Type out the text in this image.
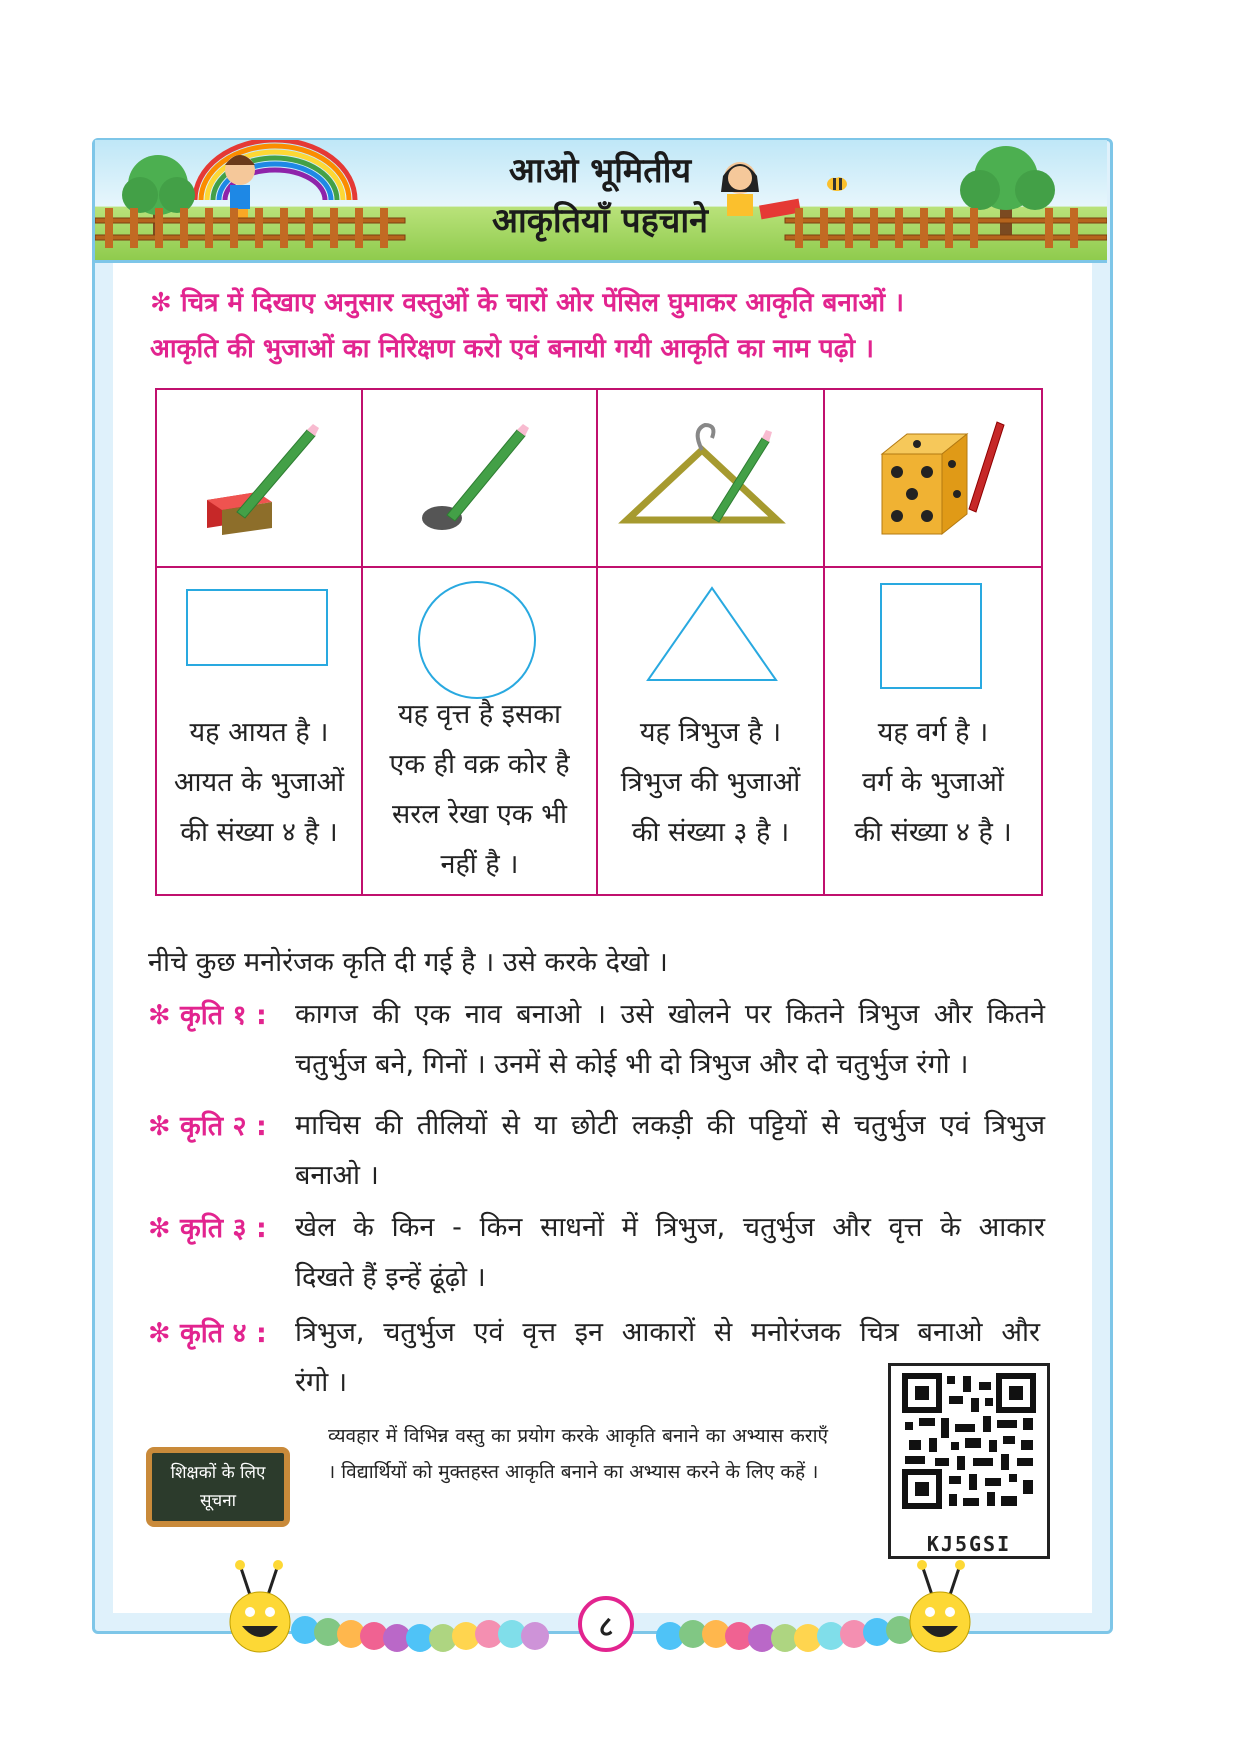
आओ भूमितीय
आकृतियाँ पहचाने
✻ चित्र में दिखाए अनुसार वस्तुओं के चारों ओर पेंसिल घुमाकर आकृति बनाओं ।
आकृति की भुजाओं का निरिक्षण करो एवं बनायी गयी आकृति का नाम पढ़ो ।
यह आयत है ।
आयत के भुजाओं
की संख्या ४ है ।
यह वृत्त है इसका
एक ही वक्र कोर है
सरल रेखा एक भी
नहीं है ।
यह त्रिभुज है ।
त्रिभुज की भुजाओं
की संख्या ३ है ।
यह वर्ग है ।
वर्ग के भुजाओं
की संख्या ४ है ।
नीचे कुछ मनोरंजक कृति दी गई है । उसे करके देखो ।
✻ कृति १ : कागज की एक नाव बनाओ । उसे खोलने पर कितने त्रिभुज और कितने
चतुर्भुज बने, गिनों । उनमें से कोई भी दो त्रिभुज और दो चतुर्भुज रंगो ।
✻ कृति २ : माचिस की तीलियों से या छोटी लकड़ी की पट्टियों से चतुर्भुज एवं त्रिभुज
बनाओ ।
✻ कृति ३ : खेल के किन - किन साधनों में त्रिभुज, चतुर्भुज और वृत्त के आकार
दिखते हैं इन्हें ढूंढ़ो ।
✻ कृति ४ : त्रिभुज, चतुर्भुज एवं वृत्त इन आकारों से मनोरंजक चित्र बनाओ और
रंगो ।
शिक्षकों के लिए सूचना
व्यवहार में विभिन्न वस्तु का प्रयोग करके आकृति बनाने का अभ्यास कराएँ । विद्यार्थियों को मुक्तहस्त आकृति बनाने का अभ्यास करने के लिए कहें ।
KJ5GSI
८
